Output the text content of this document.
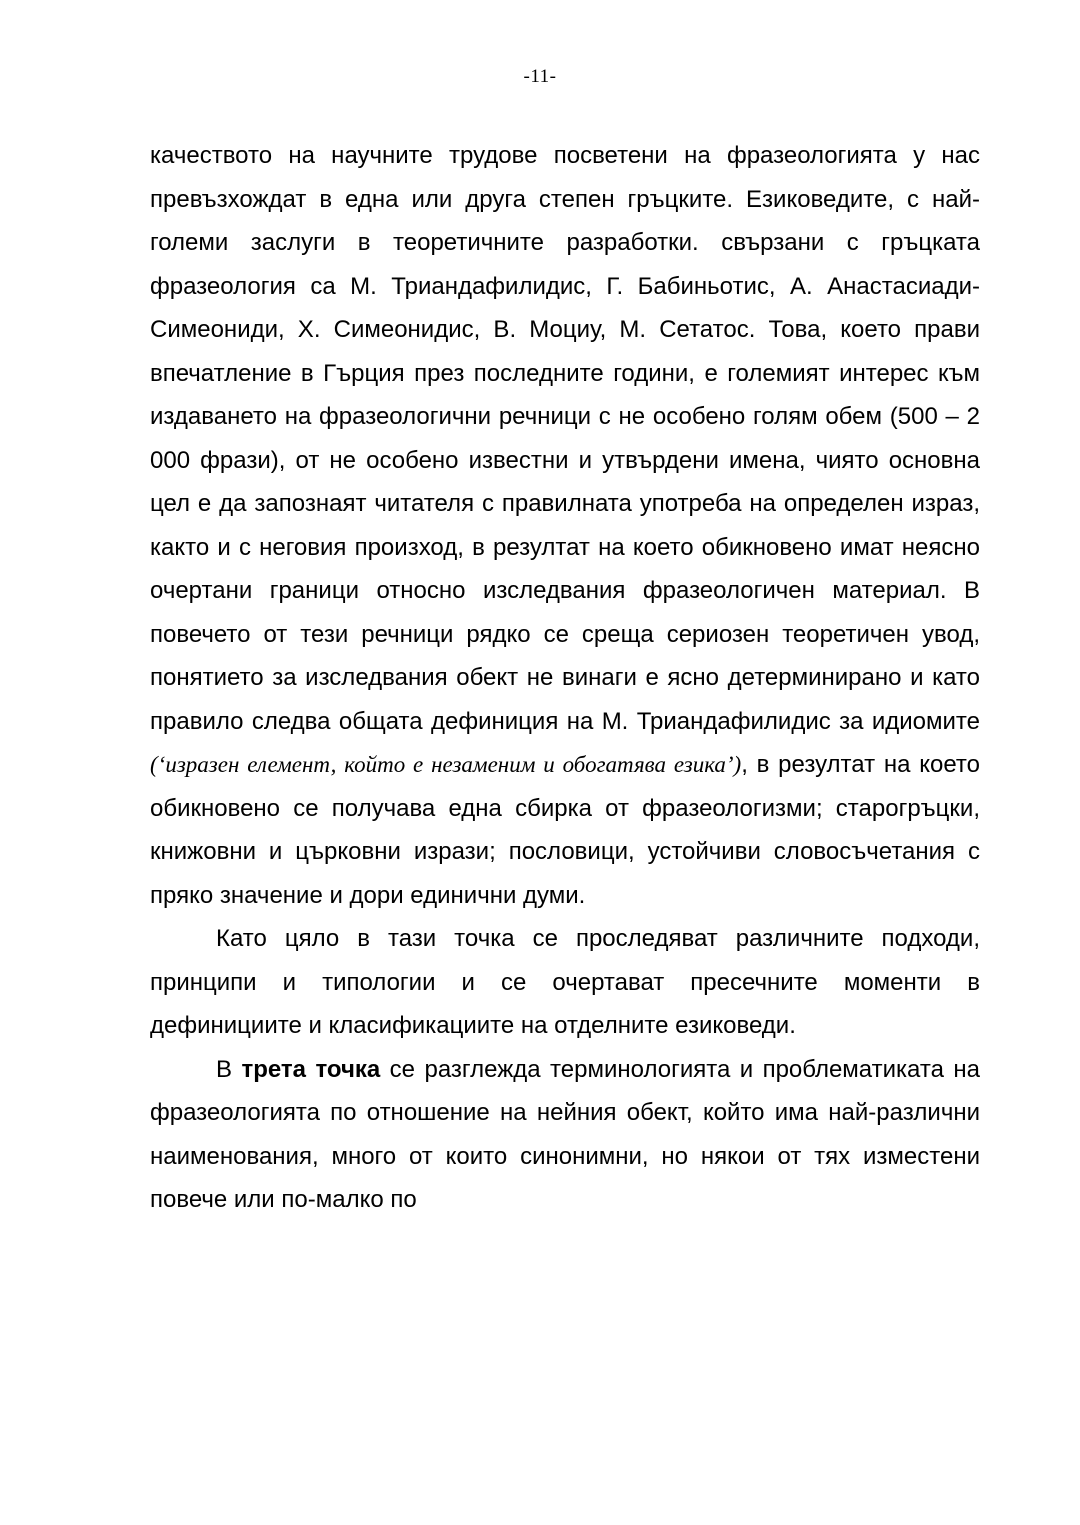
-11-

качеството на научните трудове посветени на фразеологията у нас превъзхождат в една или друга степен гръцките. Езиковедите, с най-големи заслуги в теоретичните разработки. свързани с гръцката фразеология са М. Триандафилидис, Г. Бабиньотис, А. Анастасиади-Симеониди, Х. Симеонидис, В. Моциу, М. Сетатос. Това, което прави впечатление в Гърция през последните години, е големият интерес към издаването на фразеологични речници с не особено голям обем (500 – 2 000 фрази), от не особено известни и утвърдени имена, чиято основна цел е да запознаят читателя с правилната употреба на определен израз, както и с неговия произход, в резултат на което обикновено имат неясно очертани граници относно изследвания фразеологичен материал. В повечето от тези речници рядко се среща сериозен теоретичен увод, понятието за изследвания обект не винаги е ясно детерминирано и като правило следва общата дефиниция на М. Триандафилидис за идиомите (‘изразен елемент, който е незаменим и обогатява езика’), в резултат на което обикновено се получава една сбирка от фразеологизми; старогръцки, книжовни и църковни изрази; пословици, устойчиви словосъчетания с пряко значение и дори единични думи.

Като цяло в тази точка се проследяват различните подходи, принципи и типологии и се очертават пресечните моменти в дефинициите и класификациите на отделните езиковеди.

В трета точка се разглежда терминологията и проблематиката на фразеологията по отношение на нейния обект, който има най-различни наименования, много от които синонимни, но някои от тях изместени повече или по-малко по
